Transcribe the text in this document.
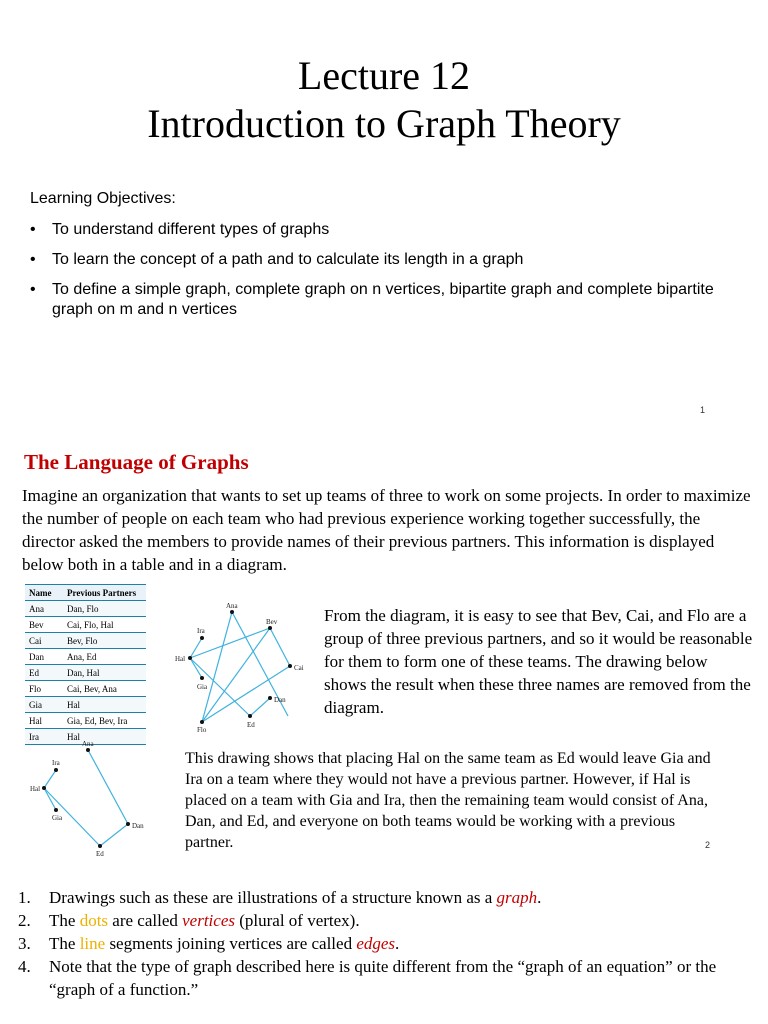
Lecture 12
Introduction to Graph Theory
Learning Objectives:
• To understand different types of graphs
• To learn the concept of a path and to calculate its length in a graph
• To define a simple graph, complete graph on n vertices, bipartite graph and complete bipartite graph on m and n vertices
1
The Language of Graphs
Imagine an organization that wants to set up teams of three to work on some projects. In order to maximize the number of people on each team who had previous experience working together successfully, the director asked the members to provide names of their previous partners. This information is displayed below both in a table and in a diagram.
Name	Previous Partners
Ana	Dan, Flo
Bev	Cai, Flo, Hal
Cai	Bev, Flo
Dan	Ana, Ed
Ed	Dan, Hal
Flo	Cai, Bev, Ana
Gia	Hal
Hal	Gia, Ed, Bev, Ira
Ira	Hal
Ana
Ira
Bev
Hal
Cai
Gia
Dan
Ed
Flo
From the diagram, it is easy to see that Bev, Cai, and Flo are a group of three previous partners, and so it would be reasonable for them to form one of these teams. The drawing below shows the result when these three names are removed from the diagram.
Ana
Ira
Hal
Gia
Dan
Ed
This drawing shows that placing Hal on the same team as Ed would leave Gia and Ira on a team where they would not have a previous partner. However, if Hal is placed on a team with Gia and Ira, then the remaining team would consist of Ana, Dan, and Ed, and everyone on both teams would be working with a previous partner.	2
1. Drawings such as these are illustrations of a structure known as a graph.
2. The dots are called vertices (plural of vertex).
3. The line segments joining vertices are called edges.
4. Note that the type of graph described here is quite different from the “graph of an equation” or the “graph of a function.”
